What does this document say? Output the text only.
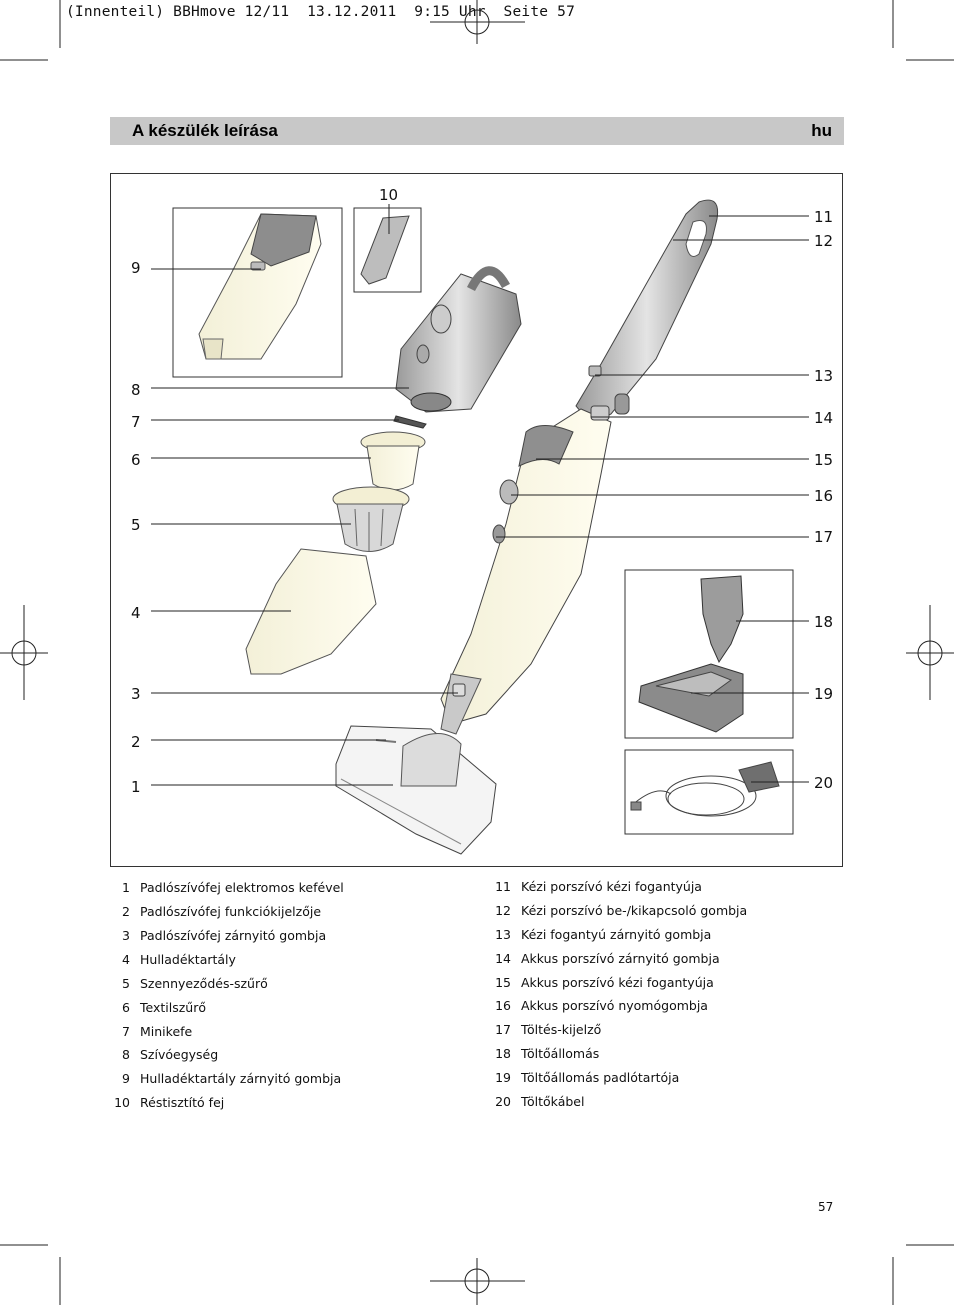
(Innenteil) BBHmove 12/11  13.12.2011  9:15 Uhr  Seite 57
A készülék leírása	hu
1
2
3
4
5
6
7
8
9
10
11
12
13
14
15
16
17
18
19
20
1 Padlószívófej elektromos kefével
2 Padlószívófej funkciókijelzője
3 Padlószívófej zárnyitó gombja
4 Hulladéktartály
5 Szennyeződés-szűrő
6 Textilszűrő
7 Minikefe
8 Szívóegység
9 Hulladéktartály zárnyitó gombja
10 Réstisztító fej
11 Kézi porszívó kézi fogantyúja
12 Kézi porszívó be-/kikapcsoló gombja
13 Kézi fogantyú zárnyitó gombja
14 Akkus porszívó zárnyitó gombja
15 Akkus porszívó kézi fogantyúja
16 Akkus porszívó nyomógombja
17 Töltés-kijelző
18 Töltőállomás
19 Töltőállomás padlótartója
20 Töltőkábel
57
